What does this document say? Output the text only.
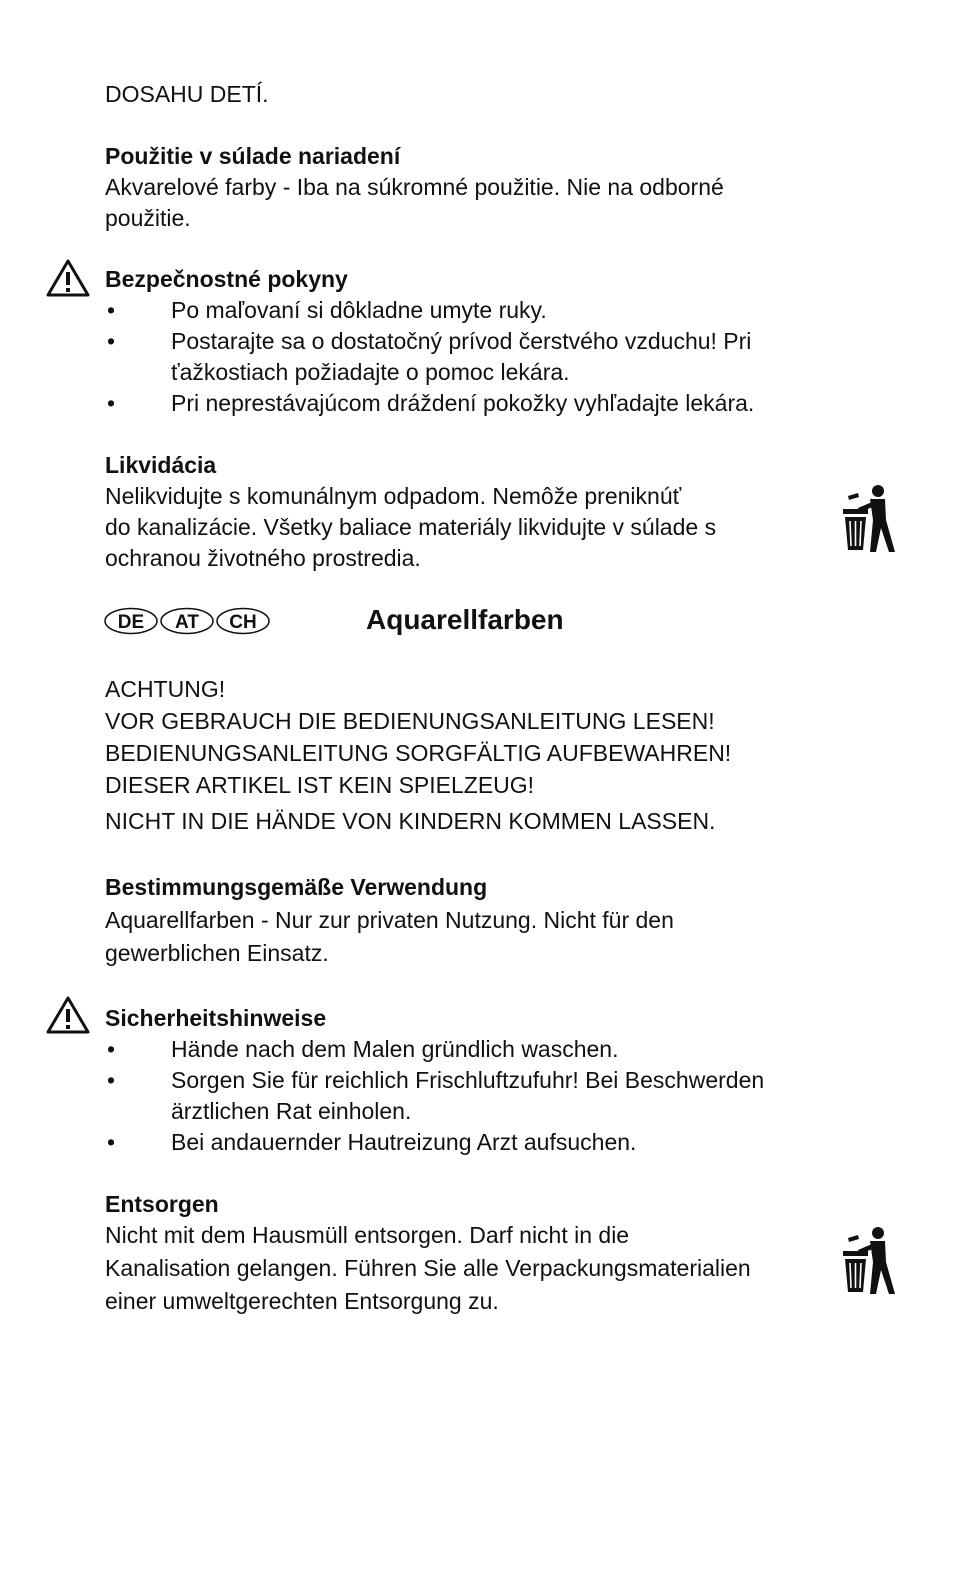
DOSAHU DETÍ.
Použitie v súlade nariadení
Akvarelové farby - Iba na súkromné použitie. Nie na odborné
použitie.
Bezpečnostné pokyny
• Po maľovaní si dôkladne umyte ruky.
• Postarajte sa o dostatočný prívod čerstvého vzduchu! Pri
ťažkostiach požiadajte o pomoc lekára.
• Pri neprestávajúcom dráždení pokožky vyhľadajte lekára.
Likvidácia
Nelikvidujte s komunálnym odpadom. Nemôže preniknúť
do kanalizácie. Všetky baliace materiály likvidujte v súlade s
ochranou životného prostredia.
DE AT CH	Aquarellfarben
ACHTUNG!
VOR GEBRAUCH DIE BEDIENUNGSANLEITUNG LESEN!
BEDIENUNGSANLEITUNG SORGFÄLTIG AUFBEWAHREN!
DIESER ARTIKEL IST KEIN SPIELZEUG!
NICHT IN DIE HÄNDE VON KINDERN KOMMEN LASSEN.
Bestimmungsgemäße Verwendung
Aquarellfarben - Nur zur privaten Nutzung. Nicht für den
gewerblichen Einsatz.
Sicherheitshinweise
• Hände nach dem Malen gründlich waschen.
• Sorgen Sie für reichlich Frischluftzufuhr! Bei Beschwerden
ärztlichen Rat einholen.
• Bei andauernder Hautreizung Arzt aufsuchen.
Entsorgen
Nicht mit dem Hausmüll entsorgen. Darf nicht in die
Kanalisation gelangen. Führen Sie alle Verpackungsmaterialien
einer umweltgerechten Entsorgung zu.
